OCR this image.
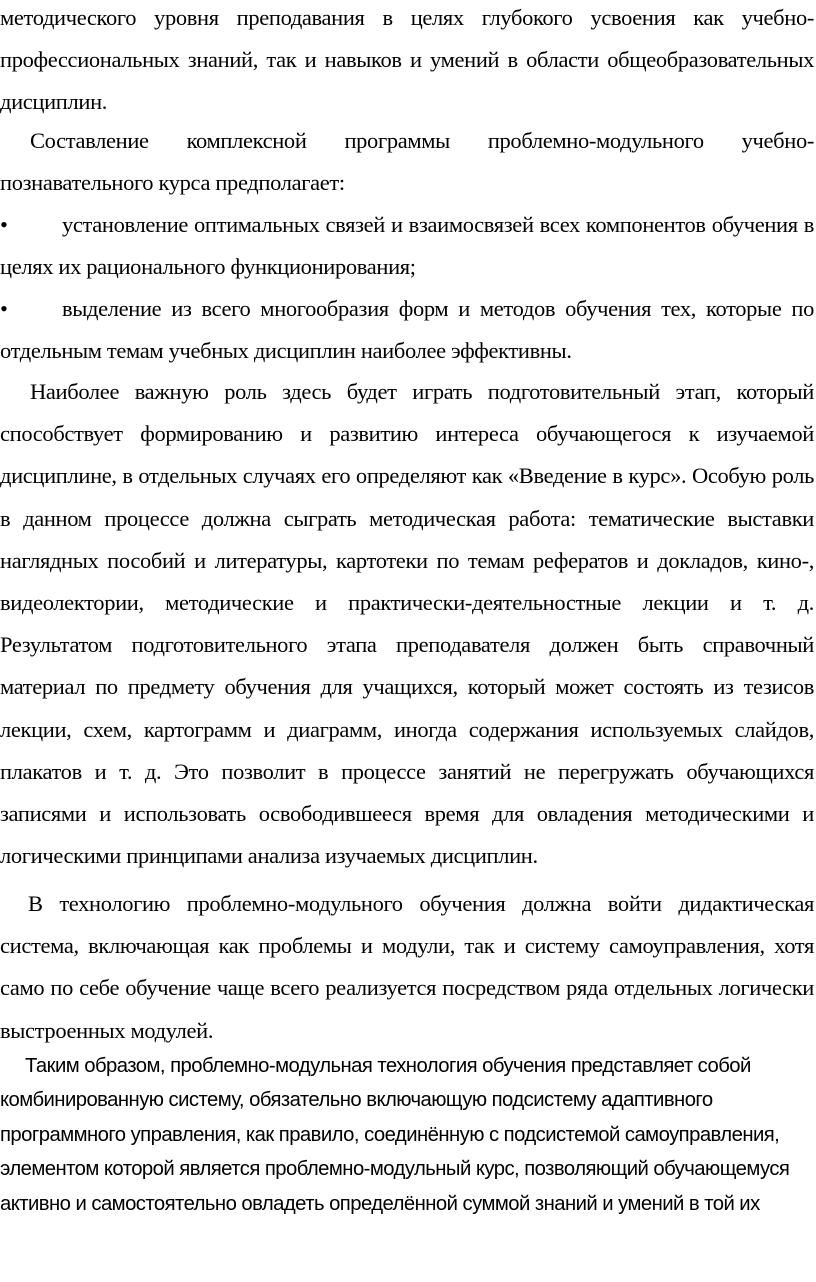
методического уровня преподавания в целях глубокого усвоения как учебно-профессиональных знаний, так и навыков и умений в области общеобразовательных дисциплин.

Составление комплексной программы проблемно-модульного учебно-познавательного курса предполагает:

• установление оптимальных связей и взаимосвязей всех компонентов обучения в целях их рационального функционирования;

• выделение из всего многообразия форм и методов обучения тех, которые по отдельным темам учебных дисциплин наиболее эффективны.

Наиболее важную роль здесь будет играть подготовительный этап, который способствует формированию и развитию интереса обучающегося к изучаемой дисциплине, в отдельных случаях его определяют как «Введение в курс». Особую роль в данном процессе должна сыграть методическая работа: тематические выставки наглядных пособий и литературы, картотеки по темам рефератов и докладов, кино-, видеолектории, методические и практически-деятельностные лекции и т. д. Результатом подготовительного этапа преподавателя должен быть справочный материал по предмету обучения для учащихся, который может состоять из тезисов лекции, схем, картограмм и диаграмм, иногда содержания используемых слайдов, плакатов и т. д. Это позволит в процессе занятий не перегружать обучающихся записями и использовать освободившееся время для овладения методическими и логическими принципами анализа изучаемых дисциплин.

В технологию проблемно-модульного обучения должна войти дидактическая система, включающая как проблемы и модули, так и систему самоуправления, хотя само по себе обучение чаще всего реализуется посредством ряда отдельных логически выстроенных модулей.

Таким образом, проблемно-модульная технология обучения представляет собой комбинированную систему, обязательно включающую подсистему адаптивного программного управления, как правило, соединённую с подсистемой самоуправления, элементом которой является проблемно-модульный курс, позволяющий обучающемуся активно и самостоятельно овладеть определённой суммой знаний и умений в той их
